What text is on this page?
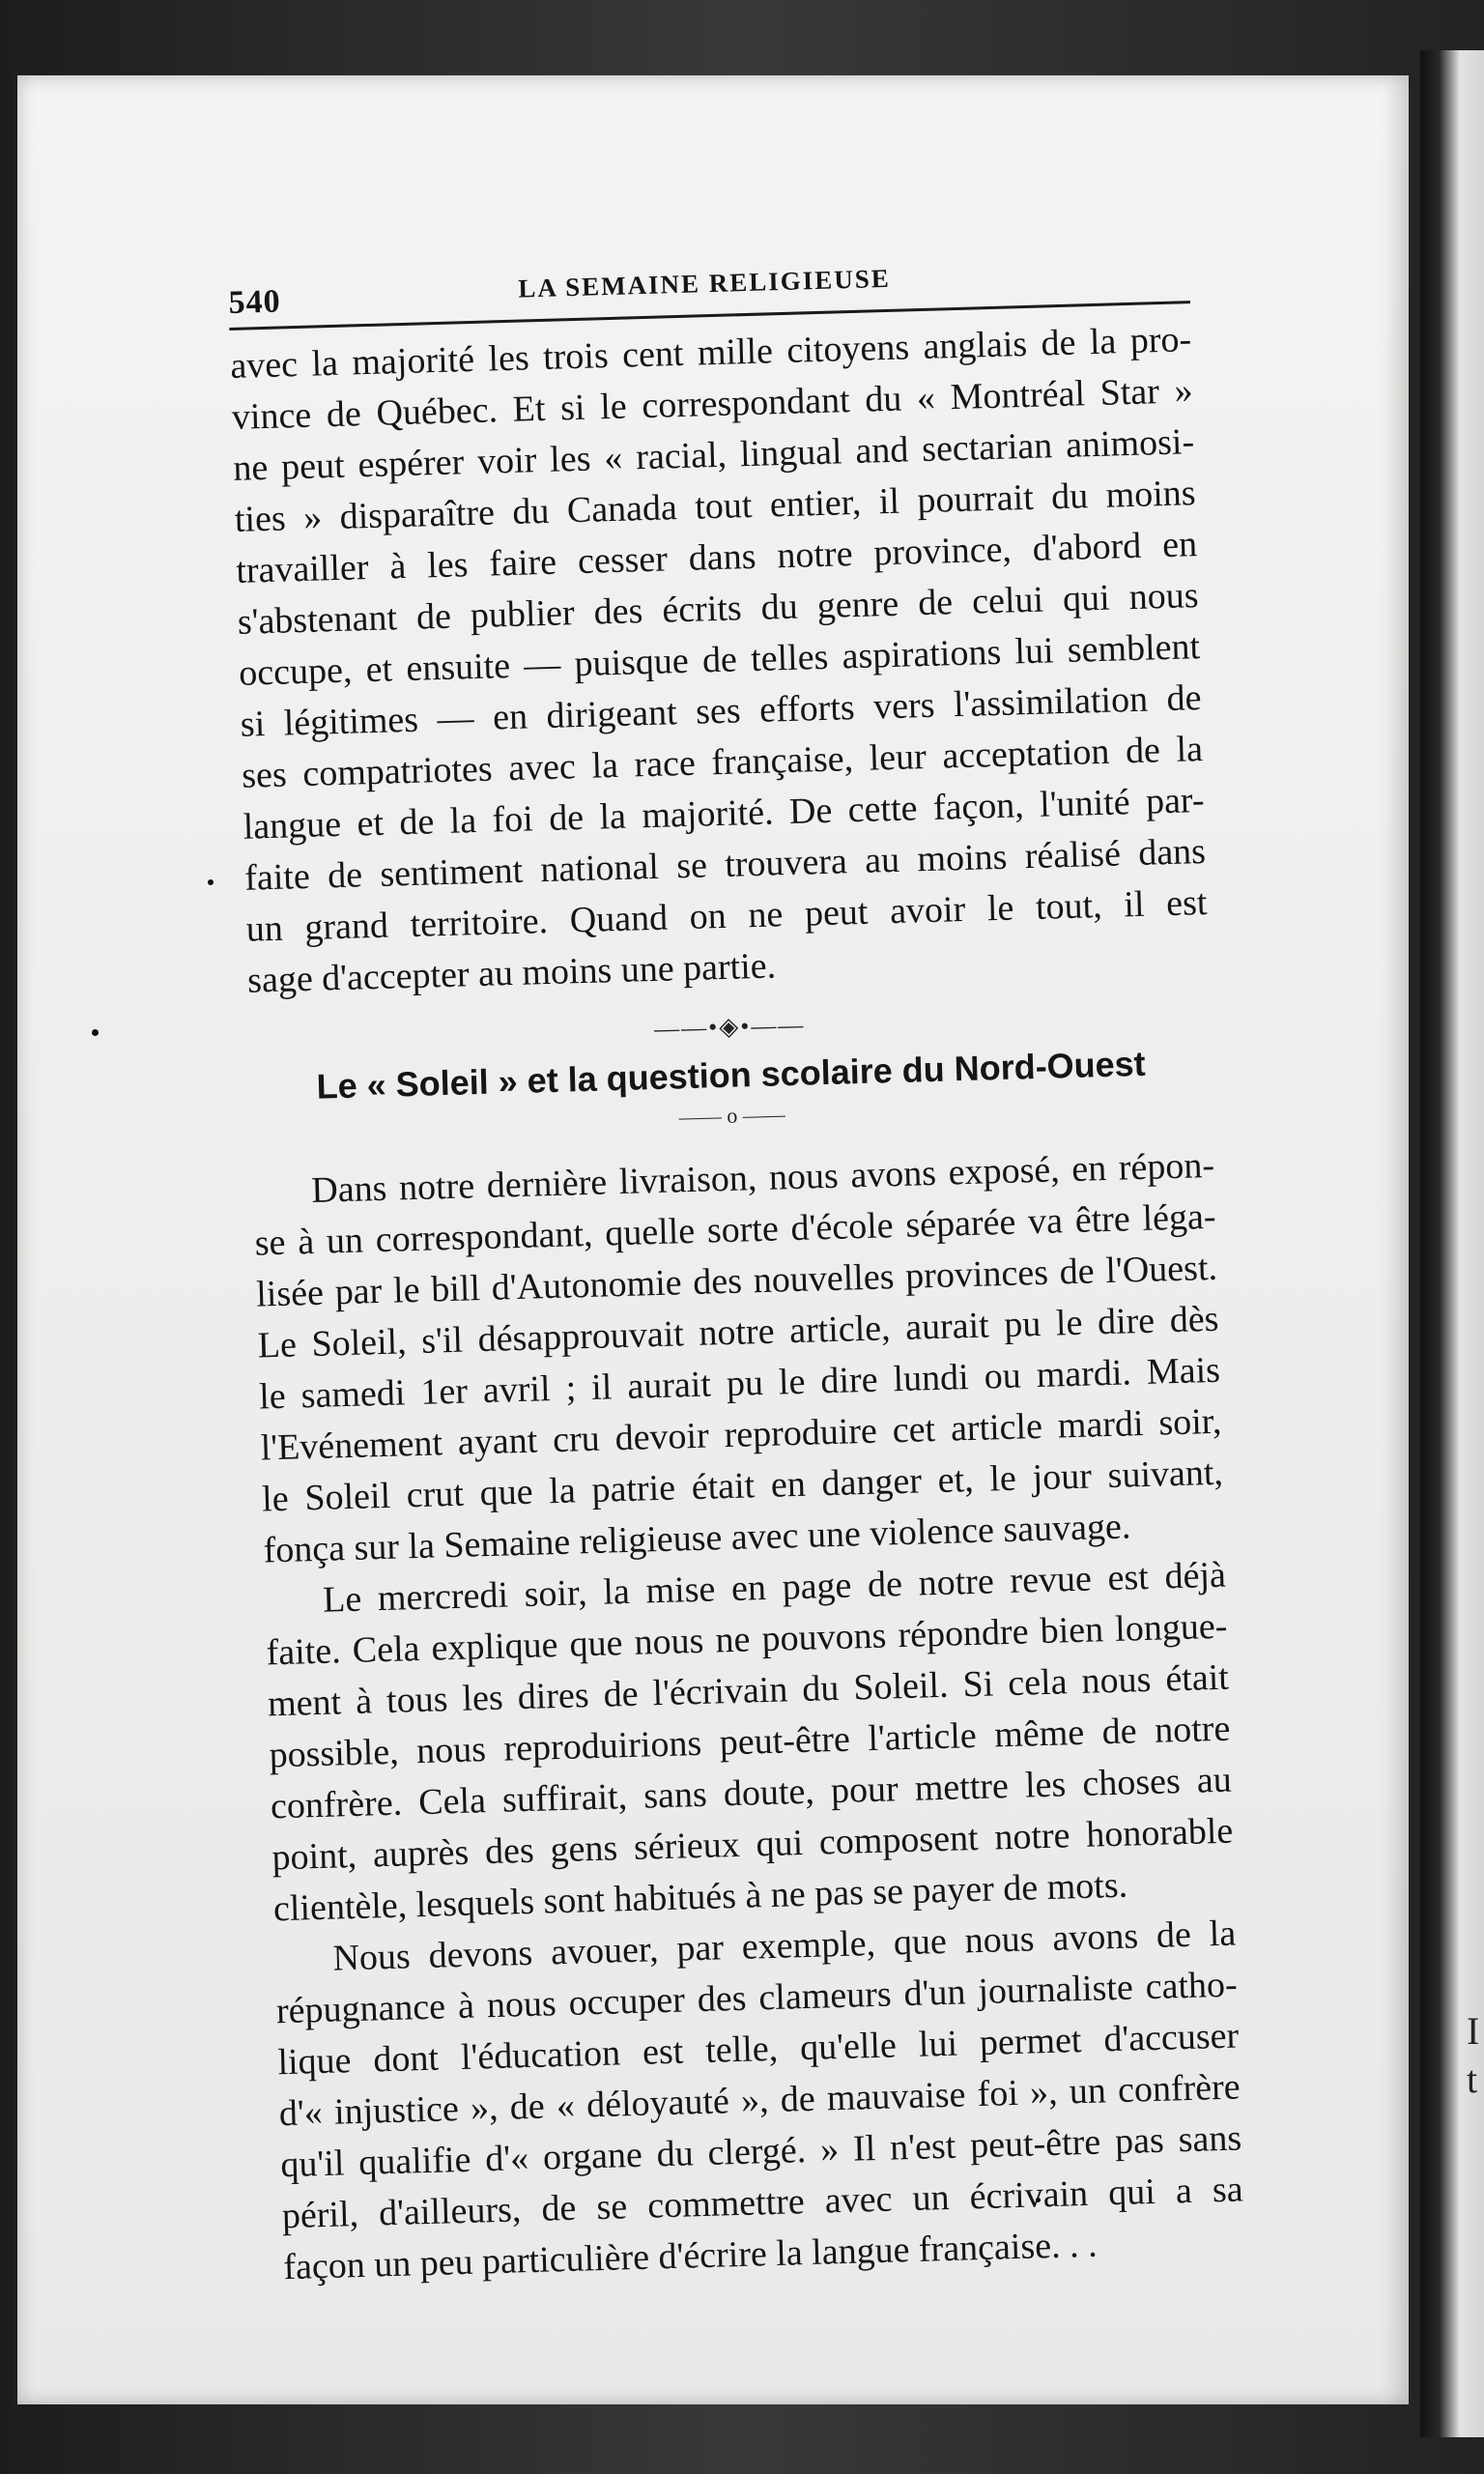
I
t
540	LA SEMAINE RELIGIEUSE

avec la majorité les trois cent mille citoyens anglais de la pro-
vince de Québec. Et si le correspondant du « Montréal Star »
ne peut espérer voir les « racial, lingual and sectarian animosi-
ties » disparaître du Canada tout entier, il pourrait du moins
travailler à les faire cesser dans notre province, d'abord en
s'abstenant de publier des écrits du genre de celui qui nous
occupe, et ensuite — puisque de telles aspirations lui semblent
si légitimes — en dirigeant ses efforts vers l'assimilation de
ses compatriotes avec la race française, leur acceptation de la
langue et de la foi de la majorité. De cette façon, l'unité par-
faite de sentiment national se trouvera au moins réalisé dans
un grand territoire. Quand on ne peut avoir le tout, il est
sage d'accepter au moins une partie.

——•◈•——
Le « Soleil » et la question scolaire du Nord-Ouest
—— o ——

Dans notre dernière livraison, nous avons exposé, en répon-
se à un correspondant, quelle sorte d'école séparée va être léga-
lisée par le bill d'Autonomie des nouvelles provinces de l'Ouest.
Le Soleil, s'il désapprouvait notre article, aurait pu le dire dès
le samedi 1er avril ; il aurait pu le dire lundi ou mardi. Mais
l'Evénement ayant cru devoir reproduire cet article mardi soir,
le Soleil crut que la patrie était en danger et, le jour suivant,
fonça sur la Semaine religieuse avec une violence sauvage.

Le mercredi soir, la mise en page de notre revue est déjà
faite. Cela explique que nous ne pouvons répondre bien longue-
ment à tous les dires de l'écrivain du Soleil. Si cela nous était
possible, nous reproduirions peut-être l'article même de notre
confrère. Cela suffirait, sans doute, pour mettre les choses au
point, auprès des gens sérieux qui composent notre honorable
clientèle, lesquels sont habitués à ne pas se payer de mots.

Nous devons avouer, par exemple, que nous avons de la
répugnance à nous occuper des clameurs d'un journaliste catho-
lique dont l'éducation est telle, qu'elle lui permet d'accuser
d'« injustice », de « déloyauté », de mauvaise foi », un confrère
qu'il qualifie d'« organe du clergé. » Il n'est peut-être pas sans
péril, d'ailleurs, de se commettre avec un écrivain qui a sa
façon un peu particulière d'écrire la langue française. . .
